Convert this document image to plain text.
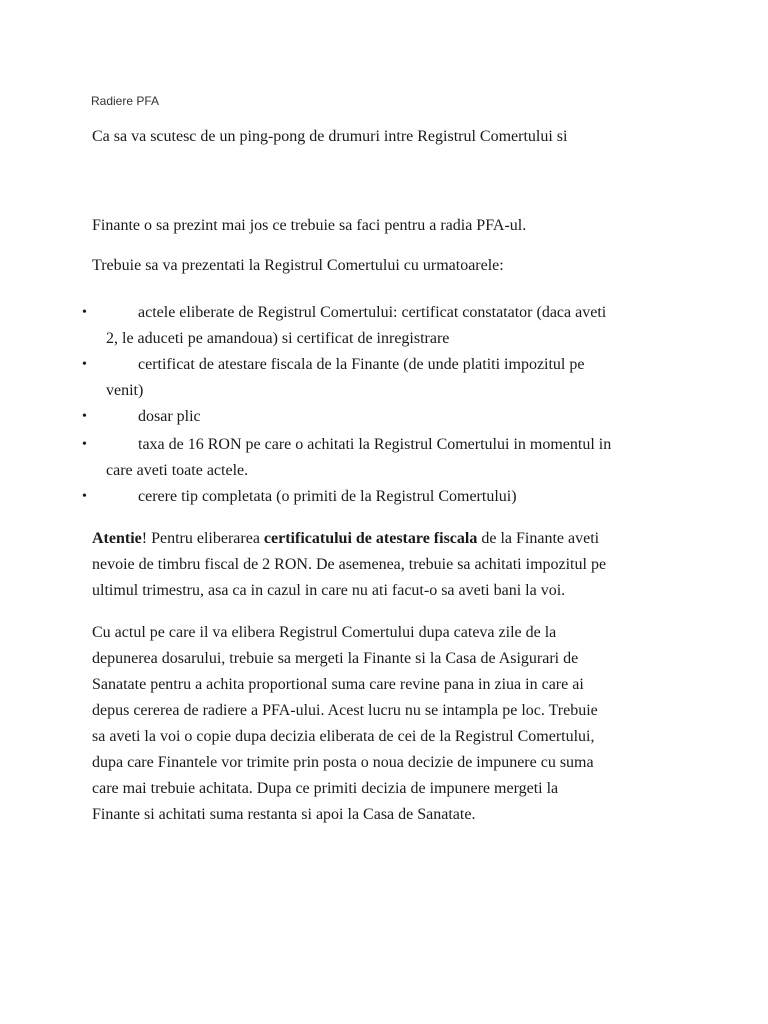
Radiere PFA

Ca sa va scutesc de un ping-pong de drumuri intre Registrul Comertului si

Finante o sa prezint mai jos ce trebuie sa faci pentru a radia PFA-ul.

Trebuie sa va prezentati la Registrul Comertului cu urmatoarele:

•	actele eliberate de Registrul Comertului: certificat constatator (daca aveti
2, le aduceti pe amandoua) si certificat de inregistrare
•	certificat de atestare fiscala de la Finante (de unde platiti impozitul pe
venit)
•	dosar plic
•	taxa de 16 RON pe care o achitati la Registrul Comertului in momentul in
care aveti toate actele.
•	cerere tip completata (o primiti de la Registrul Comertului)
Atentie! Pentru eliberarea certificatului de atestare fiscala de la Finante aveti
nevoie de timbru fiscal de 2 RON. De asemenea, trebuie sa achitati impozitul pe
ultimul trimestru, asa ca in cazul in care nu ati facut-o sa aveti bani la voi.
Cu actul pe care il va elibera Registrul Comertului dupa cateva zile de la
depunerea dosarului, trebuie sa mergeti la Finante si la Casa de Asigurari de
Sanatate pentru a achita proportional suma care revine pana in ziua in care ai
depus cererea de radiere a PFA-ului. Acest lucru nu se intampla pe loc. Trebuie
sa aveti la voi o copie dupa decizia eliberata de cei de la Registrul Comertului,
dupa care Finantele vor trimite prin posta o noua decizie de impunere cu suma
care mai trebuie achitata. Dupa ce primiti decizia de impunere mergeti la
Finante si achitati suma restanta si apoi la Casa de Sanatate.
